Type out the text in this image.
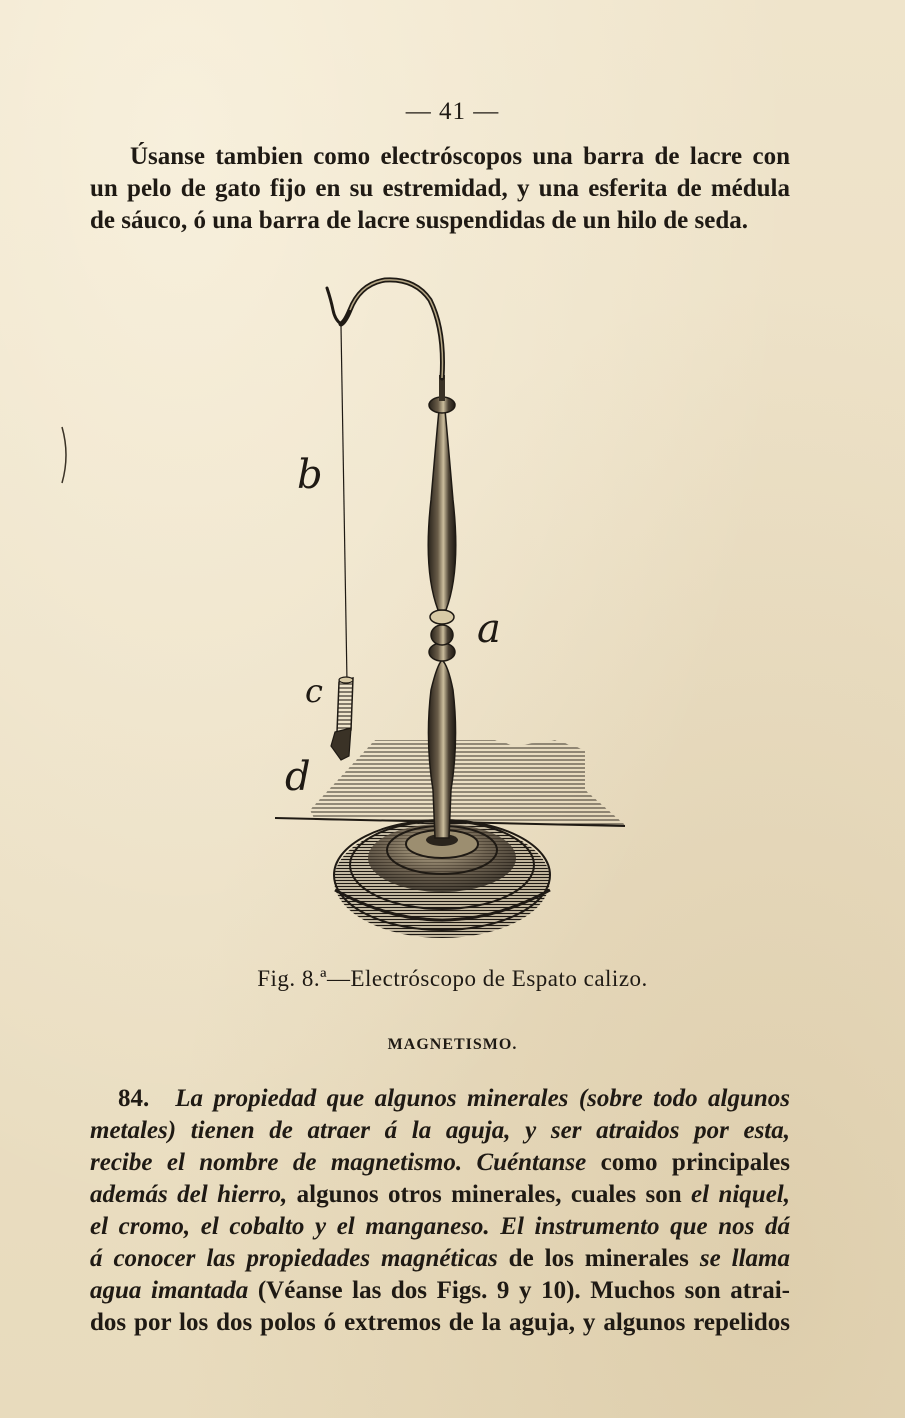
— 41 —
Úsanse tambien como electróscopos una barra de lacre con
un pelo de gato fijo en su estremidad, y una esferita de médula
de sáuco, ó una barra de lacre suspendidas de un hilo de seda.
b
a
c
d
Fig. 8.ª—Electróscopo de Espato calizo.
MAGNETISMO.
84. La propiedad que algunos minerales (sobre todo algunos
metales) tienen de atraer á la aguja, y ser atraidos por esta,
recibe el nombre de magnetismo. Cuéntanse como principales
además del hierro, algunos otros minerales, cuales son el niquel,
el cromo, el cobalto y el manganeso. El instrumento que nos dá
á conocer las propiedades magnéticas de los minerales se llama
agua imantada (Véanse las dos Figs. 9 y 10). Muchos son atrai-
dos por los dos polos ó extremos de la aguja, y algunos repelidos
